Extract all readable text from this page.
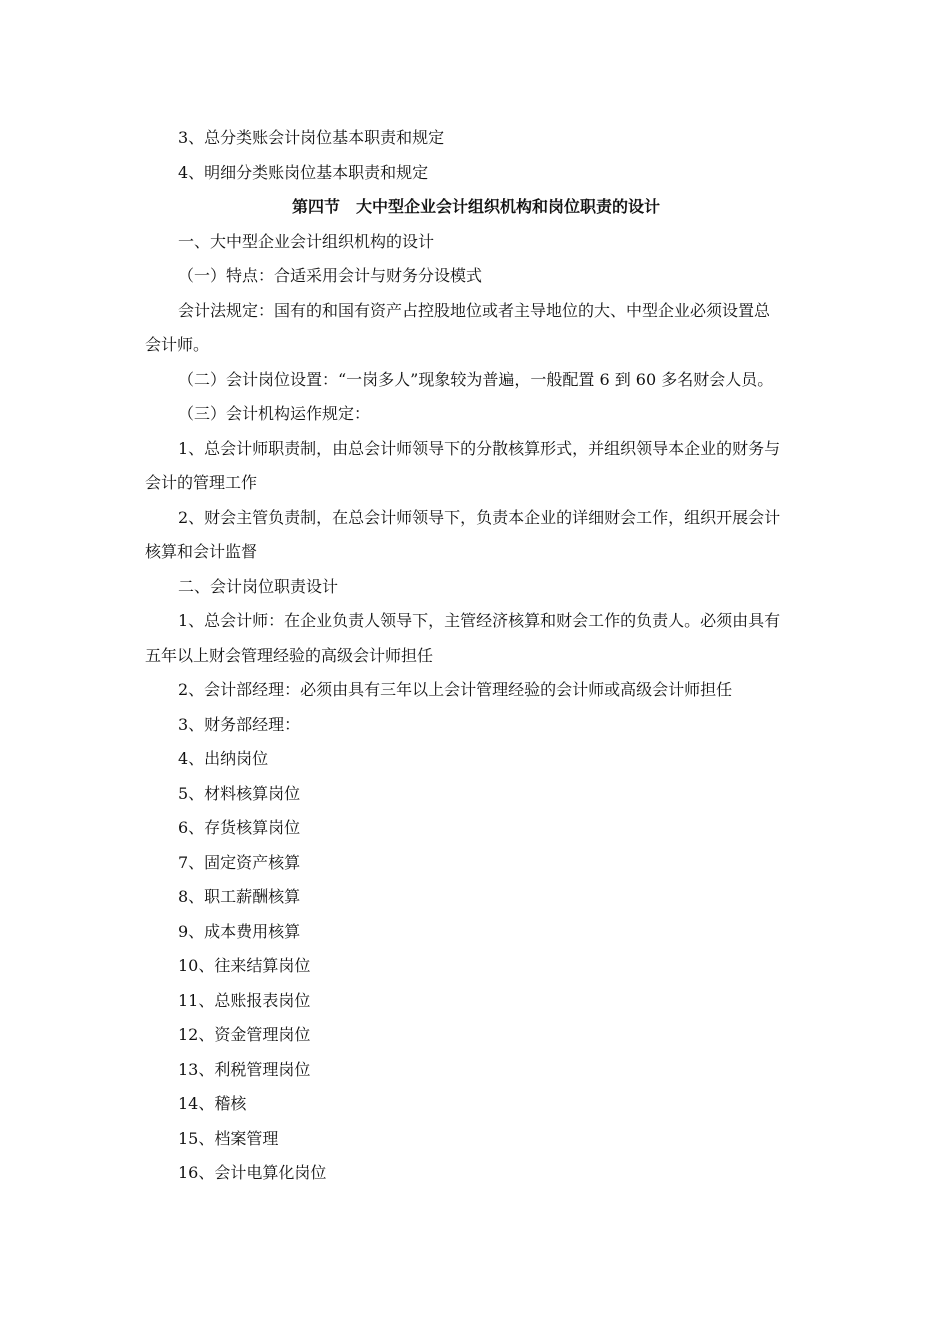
3、总分类账会计岗位基本职责和规定
4、明细分类账岗位基本职责和规定
第四节　大中型企业会计组织机构和岗位职责的设计
一、大中型企业会计组织机构的设计
（一）特点：合适采用会计与财务分设模式
会计法规定：国有的和国有资产占控股地位或者主导地位的大、中型企业必须设置总
会计师。
（二）会计岗位设置：“一岗多人”现象较为普遍，一般配置 6 到 60 多名财会人员。
（三）会计机构运作规定：
1、总会计师职责制，由总会计师领导下的分散核算形式，并组织领导本企业的财务与
会计的管理工作
2、财会主管负责制，在总会计师领导下，负责本企业的详细财会工作，组织开展会计
核算和会计监督
二、会计岗位职责设计
1、总会计师：在企业负责人领导下，主管经济核算和财会工作的负责人。必须由具有
五年以上财会管理经验的高级会计师担任
2、会计部经理：必须由具有三年以上会计管理经验的会计师或高级会计师担任
3、财务部经理：
4、出纳岗位
5、材料核算岗位
6、存货核算岗位
7、固定资产核算
8、职工薪酬核算
9、成本费用核算
10、往来结算岗位
11、总账报表岗位
12、资金管理岗位
13、利税管理岗位
14、稽核
15、档案管理
16、会计电算化岗位
